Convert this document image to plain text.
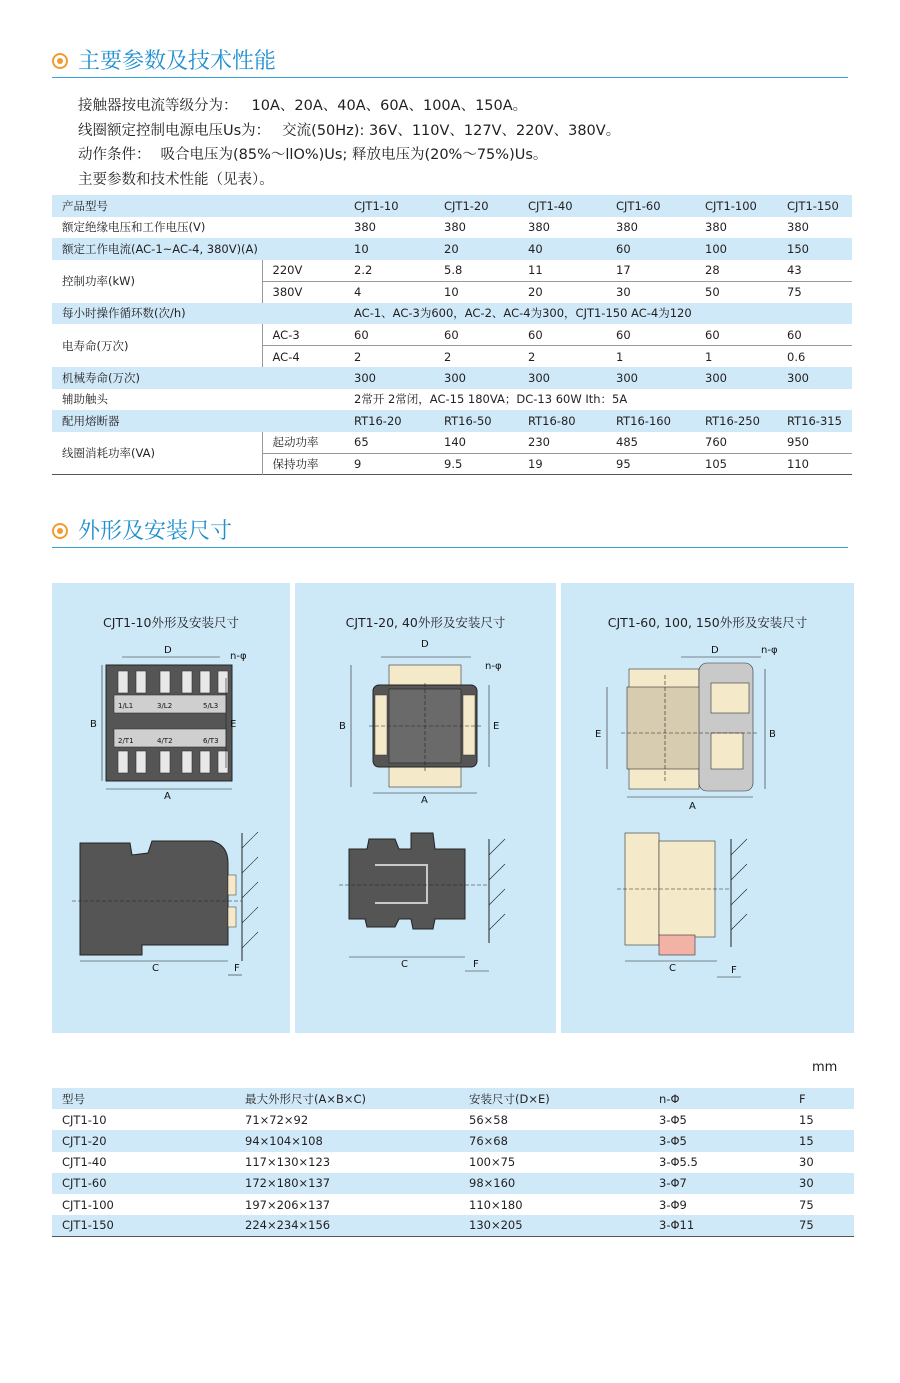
主要参数及技术性能
接触器按电流等级分为： 10A、20A、40A、60A、100A、150A。
线圈额定控制电源电压Us为： 交流(50Hz): 36V、110V、127V、220V、380V。
动作条件： 吸合电压为(85%～llO%)Us; 释放电压为(20%～75%)Us。
主要参数和技术性能（见表）。
产品型号		CJT1-10	CJT1-20	CJT1-40	CJT1-60	CJT1-100	CJT1-150
额定绝缘电压和工作电压(V)		380	380	380	380	380	380
额定工作电流(AC-1~AC-4, 380V)(A)		10	20	40	60	100	150
控制功率(kW)	220V	2.2	5.8	11	17	28	43
	380V	4	10	20	30	50	75
每小时操作循环数(次/h)		AC-1、AC-3为600，AC-2、AC-4为300，CJT1-150 AC-4为120					
电寿命(万次)	AC-3	60	60	60	60	60	60
	AC-4	2	2	2	1	1	0.6
机械寿命(万次)		300	300	300	300	300	300
辅助触头		2常开 2常闭，AC-15 180VA；DC-13 60W Ith：5A					
配用熔断器		RT16-20	RT16-50	RT16-80	RT16-160	RT16-250	RT16-315
线圈消耗功率(VA)	起动功率	65	140	230	485	760	950
	保持功率	9	9.5	19	95	105	110
外形及安装尺寸
CJT1-10外形及安装尺寸
1/L1	3/L2	5/L3
2/T1	4/T2	6/T3
D
A
B	E
n-φ
C	F
CJT1-20, 40外形及安装尺寸
D
A
B	E
n-φ
C	F
CJT1-60, 100, 150外形及安装尺寸
D
A
E	B
n-φ
C	F
mm
型号	最大外形尺寸(A×B×C)	安装尺寸(D×E)	n-Φ	F
CJT1-10	71×72×92	56×58	3-Φ5	15
CJT1-20	94×104×108	76×68	3-Φ5	15
CJT1-40	117×130×123	100×75	3-Φ5.5	30
CJT1-60	172×180×137	98×160	3-Φ7	30
CJT1-100	197×206×137	110×180	3-Φ9	75
CJT1-150	224×234×156	130×205	3-Φ11	75
